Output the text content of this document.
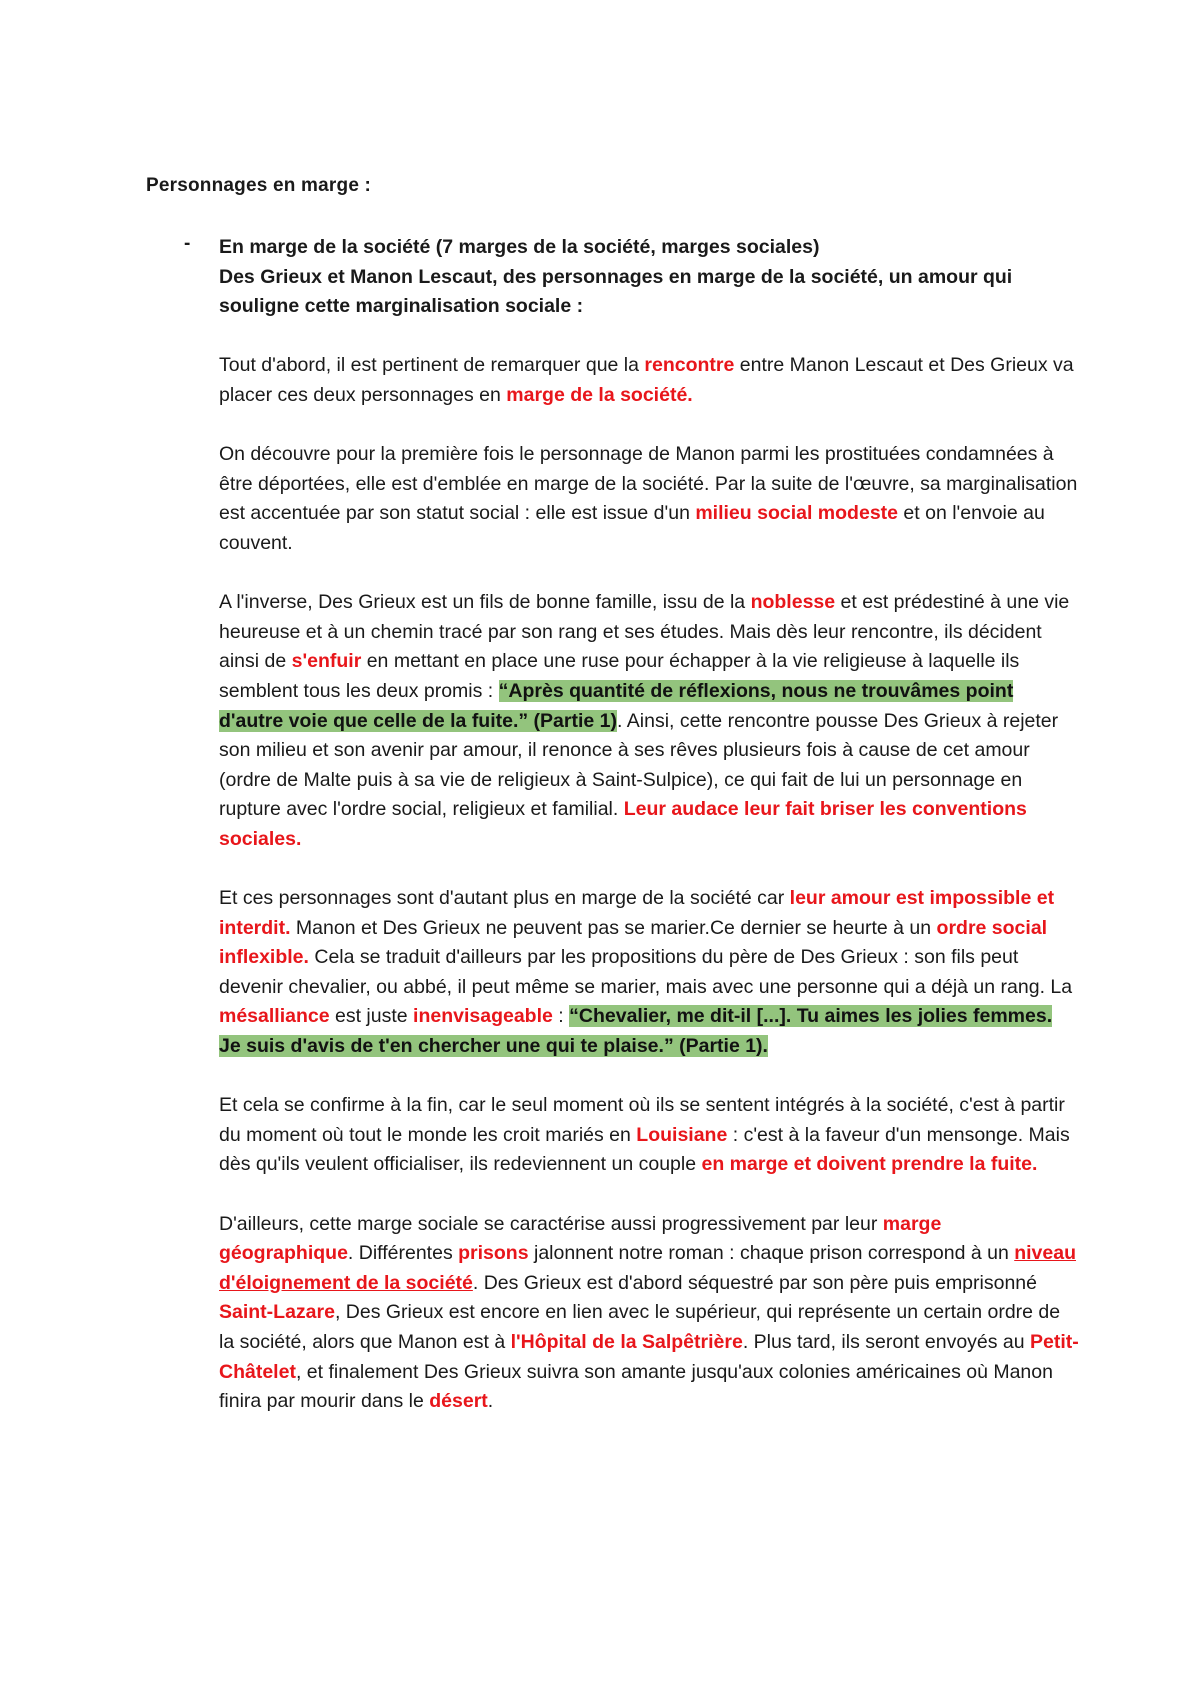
Personnages en marge :
- En marge de la société (7 marges de la société, marges sociales)
Des Grieux et Manon Lescaut, des personnages en marge de la société, un amour qui souligne cette marginalisation sociale :

Tout d'abord, il est pertinent de remarquer que la rencontre entre Manon Lescaut et Des Grieux va placer ces deux personnages en marge de la société.

On découvre pour la première fois le personnage de Manon parmi les prostituées condamnées à être déportées, elle est d'emblée en marge de la société. Par la suite de l'œuvre, sa marginalisation est accentuée par son statut social : elle est issue d'un milieu social modeste et on l'envoie au couvent.

A l'inverse, Des Grieux est un fils de bonne famille, issu de la noblesse et est prédestiné à une vie heureuse et à un chemin tracé par son rang et ses études. Mais dès leur rencontre, ils décident ainsi de s'enfuir en mettant en place une ruse pour échapper à la vie religieuse à laquelle ils semblent tous les deux promis : “Après quantité de réflexions, nous ne trouvâmes point d'autre voie que celle de la fuite.” (Partie 1). Ainsi, cette rencontre pousse Des Grieux à rejeter son milieu et son avenir par amour, il renonce à ses rêves plusieurs fois à cause de cet amour (ordre de Malte puis à sa vie de religieux à Saint-Sulpice), ce qui fait de lui un personnage en rupture avec l'ordre social, religieux et familial. Leur audace leur fait briser les conventions sociales.

Et ces personnages sont d'autant plus en marge de la société car leur amour est impossible et interdit. Manon et Des Grieux ne peuvent pas se marier.Ce dernier se heurte à un ordre social inflexible. Cela se traduit d'ailleurs par les propositions du père de Des Grieux : son fils peut devenir chevalier, ou abbé, il peut même se marier, mais avec une personne qui a déjà un rang. La mésalliance est juste inenvisageable : “Chevalier, me dit-il [...]. Tu aimes les jolies femmes. Je suis d'avis de t'en chercher une qui te plaise.” (Partie 1).

Et cela se confirme à la fin, car le seul moment où ils se sentent intégrés à la société, c'est à partir du moment où tout le monde les croit mariés en Louisiane : c'est à la faveur d'un mensonge. Mais dès qu'ils veulent officialiser, ils redeviennent un couple en marge et doivent prendre la fuite.

D'ailleurs, cette marge sociale se caractérise aussi progressivement par leur marge géographique. Différentes prisons jalonnent notre roman : chaque prison correspond à un niveau d'éloignement de la société. Des Grieux est d'abord séquestré par son père puis emprisonné Saint-Lazare, Des Grieux est encore en lien avec le supérieur, qui représente un certain ordre de la société, alors que Manon est à l'Hôpital de la Salpêtrière. Plus tard, ils seront envoyés au Petit-Châtelet, et finalement Des Grieux suivra son amante jusqu'aux colonies américaines où Manon finira par mourir dans le désert.
